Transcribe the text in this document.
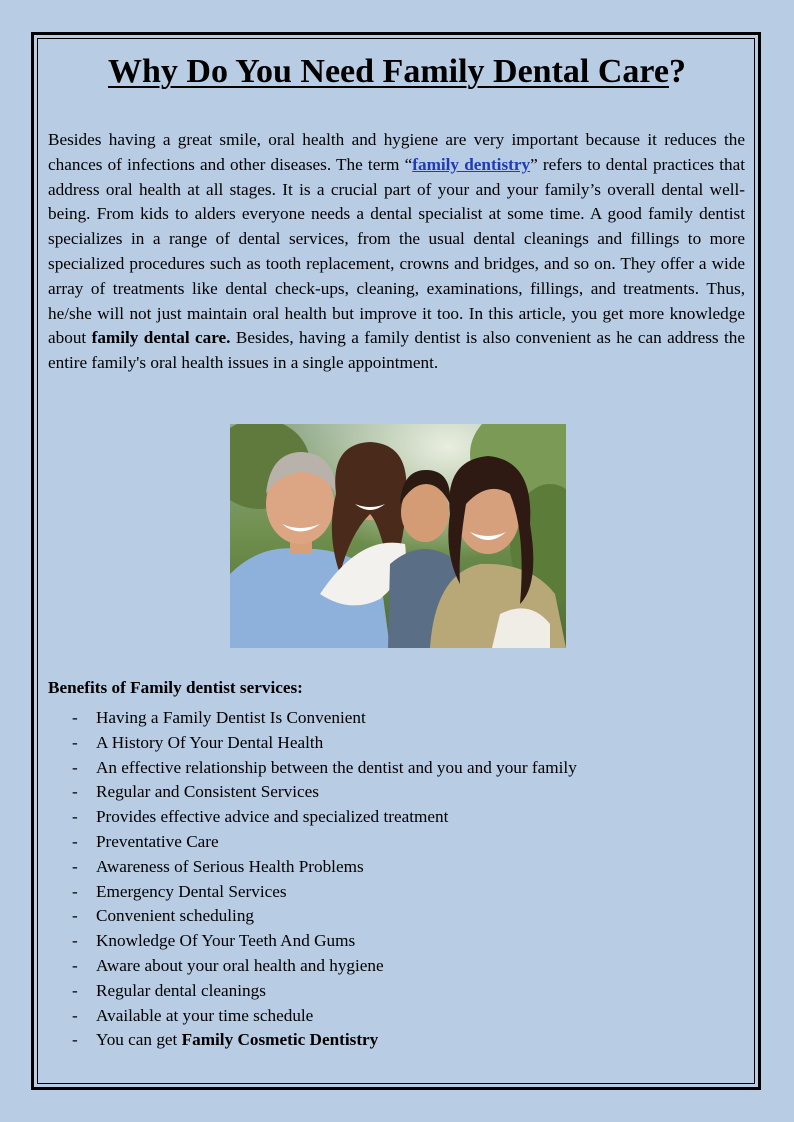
Why Do You Need Family Dental Care?

Besides having a great smile, oral health and hygiene are very important because it reduces the chances of infections and other diseases. The term “family dentistry” refers to dental practices that address oral health at all stages. It is a crucial part of your and your family’s overall dental well-being. From kids to alders everyone needs a dental specialist at some time. A good family dentist specializes in a range of dental services, from the usual dental cleanings and fillings to more specialized procedures such as tooth replacement, crowns and bridges, and so on. They offer a wide array of treatments like dental check-ups, cleaning, examinations, fillings, and treatments. Thus, he/she will not just maintain oral health but improve it too. In this article, you get more knowledge about family dental care. Besides, having a family dentist is also convenient as he can address the entire family's oral health issues in a single appointment.

Benefits of Family dentist services:

- Having a Family Dentist Is Convenient
- A History Of Your Dental Health
- An effective relationship between the dentist and you and your family
- Regular and Consistent Services
- Provides effective advice and specialized treatment
- Preventative Care
- Awareness of Serious Health Problems
- Emergency Dental Services
- Convenient scheduling
- Knowledge Of Your Teeth And Gums
- Aware about your oral health and hygiene
- Regular dental cleanings
- Available at your time schedule
- You can get Family Cosmetic Dentistry
